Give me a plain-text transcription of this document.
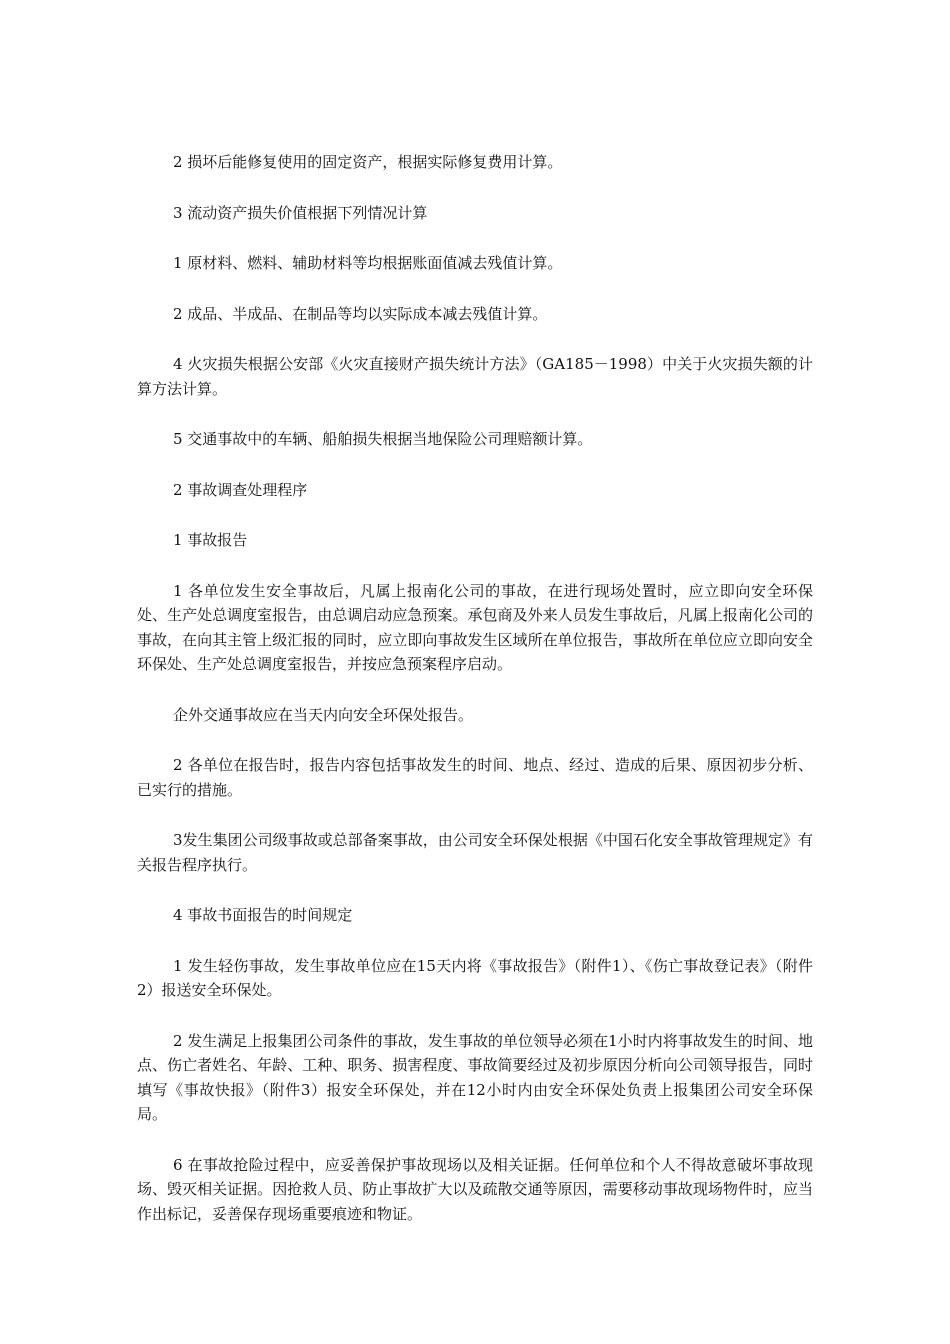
2 损坏后能修复使用的固定资产，根据实际修复费用计算。

3 流动资产损失价值根据下列情况计算

1 原材料、燃料、辅助材料等均根据账面值减去残值计算。

2 成品、半成品、在制品等均以实际成本减去残值计算。

4 火灾损失根据公安部《火灾直接财产损失统计方法》（GA185－1998）中关于火灾损失额的计算方法计算。

5 交通事故中的车辆、船舶损失根据当地保险公司理赔额计算。

2 事故调查处理程序

1 事故报告

1 各单位发生安全事故后，凡属上报南化公司的事故，在进行现场处置时，应立即向安全环保处、生产处总调度室报告，由总调启动应急预案。承包商及外来人员发生事故后，凡属上报南化公司的事故，在向其主管上级汇报的同时，应立即向事故发生区域所在单位报告，事故所在单位应立即向安全环保处、生产处总调度室报告，并按应急预案程序启动。

企外交通事故应在当天内向安全环保处报告。

2 各单位在报告时，报告内容包括事故发生的时间、地点、经过、造成的后果、原因初步分析、已实行的措施。

3发生集团公司级事故或总部备案事故，由公司安全环保处根据《中国石化安全事故管理规定》有关报告程序执行。

4 事故书面报告的时间规定

1 发生轻伤事故，发生事故单位应在15天内将《事故报告》（附件1）、《伤亡事故登记表》（附件2）报送安全环保处。

2 发生满足上报集团公司条件的事故，发生事故的单位领导必须在1小时内将事故发生的时间、地点、伤亡者姓名、年龄、工种、职务、损害程度、事故简要经过及初步原因分析向公司领导报告，同时填写《事故快报》（附件3）报安全环保处，并在12小时内由安全环保处负责上报集团公司安全环保局。

6 在事故抢险过程中，应妥善保护事故现场以及相关证据。任何单位和个人不得故意破坏事故现场、毁灭相关证据。因抢救人员、防止事故扩大以及疏散交通等原因，需要移动事故现场物件时，应当作出标记，妥善保存现场重要痕迹和物证。
